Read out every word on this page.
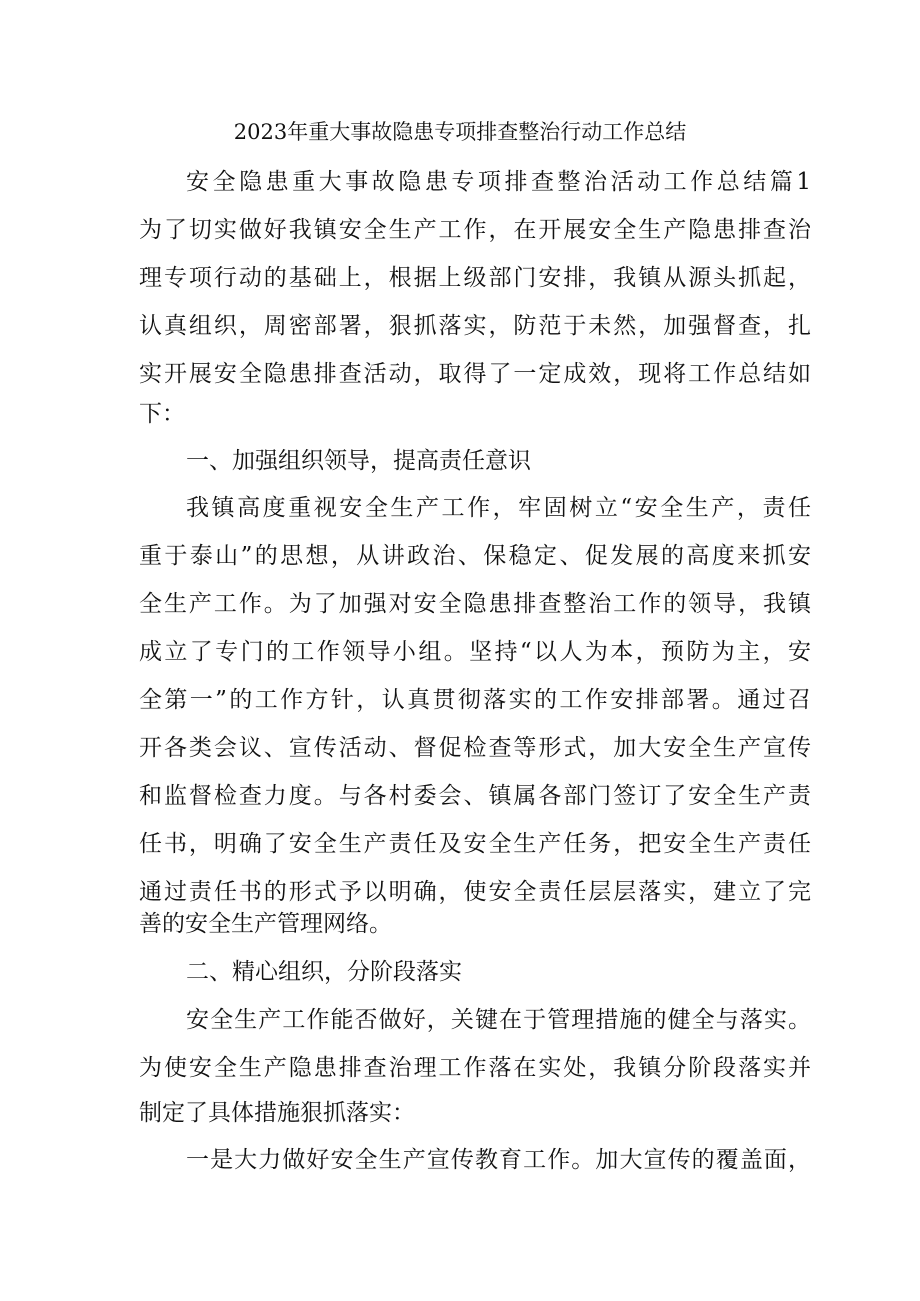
2023年重大事故隐患专项排查整治行动工作总结
安全隐患重大事故隐患专项排查整治活动工作总结篇1
为了切实做好我镇安全生产工作，在开展安全生产隐患排查治
理专项行动的基础上，根据上级部门安排，我镇从源头抓起，
认真组织，周密部署，狠抓落实，防范于未然，加强督查，扎
实开展安全隐患排查活动，取得了一定成效，现将工作总结如
下：
一、加强组织领导，提高责任意识
我镇高度重视安全生产工作，牢固树立“安全生产，责任
重于泰山”的思想，从讲政治、保稳定、促发展的高度来抓安
全生产工作。为了加强对安全隐患排查整治工作的领导，我镇
成立了专门的工作领导小组。坚持“以人为本，预防为主，安
全第一”的工作方针，认真贯彻落实的工作安排部署。通过召
开各类会议、宣传活动、督促检查等形式，加大安全生产宣传
和监督检查力度。与各村委会、镇属各部门签订了安全生产责
任书，明确了安全生产责任及安全生产任务，把安全生产责任
通过责任书的形式予以明确，使安全责任层层落实，建立了完
善的安全生产管理网络。
二、精心组织，分阶段落实
安全生产工作能否做好，关键在于管理措施的健全与落实。
为使安全生产隐患排查治理工作落在实处，我镇分阶段落实并
制定了具体措施狠抓落实：
一是大力做好安全生产宣传教育工作。加大宣传的覆盖面，
